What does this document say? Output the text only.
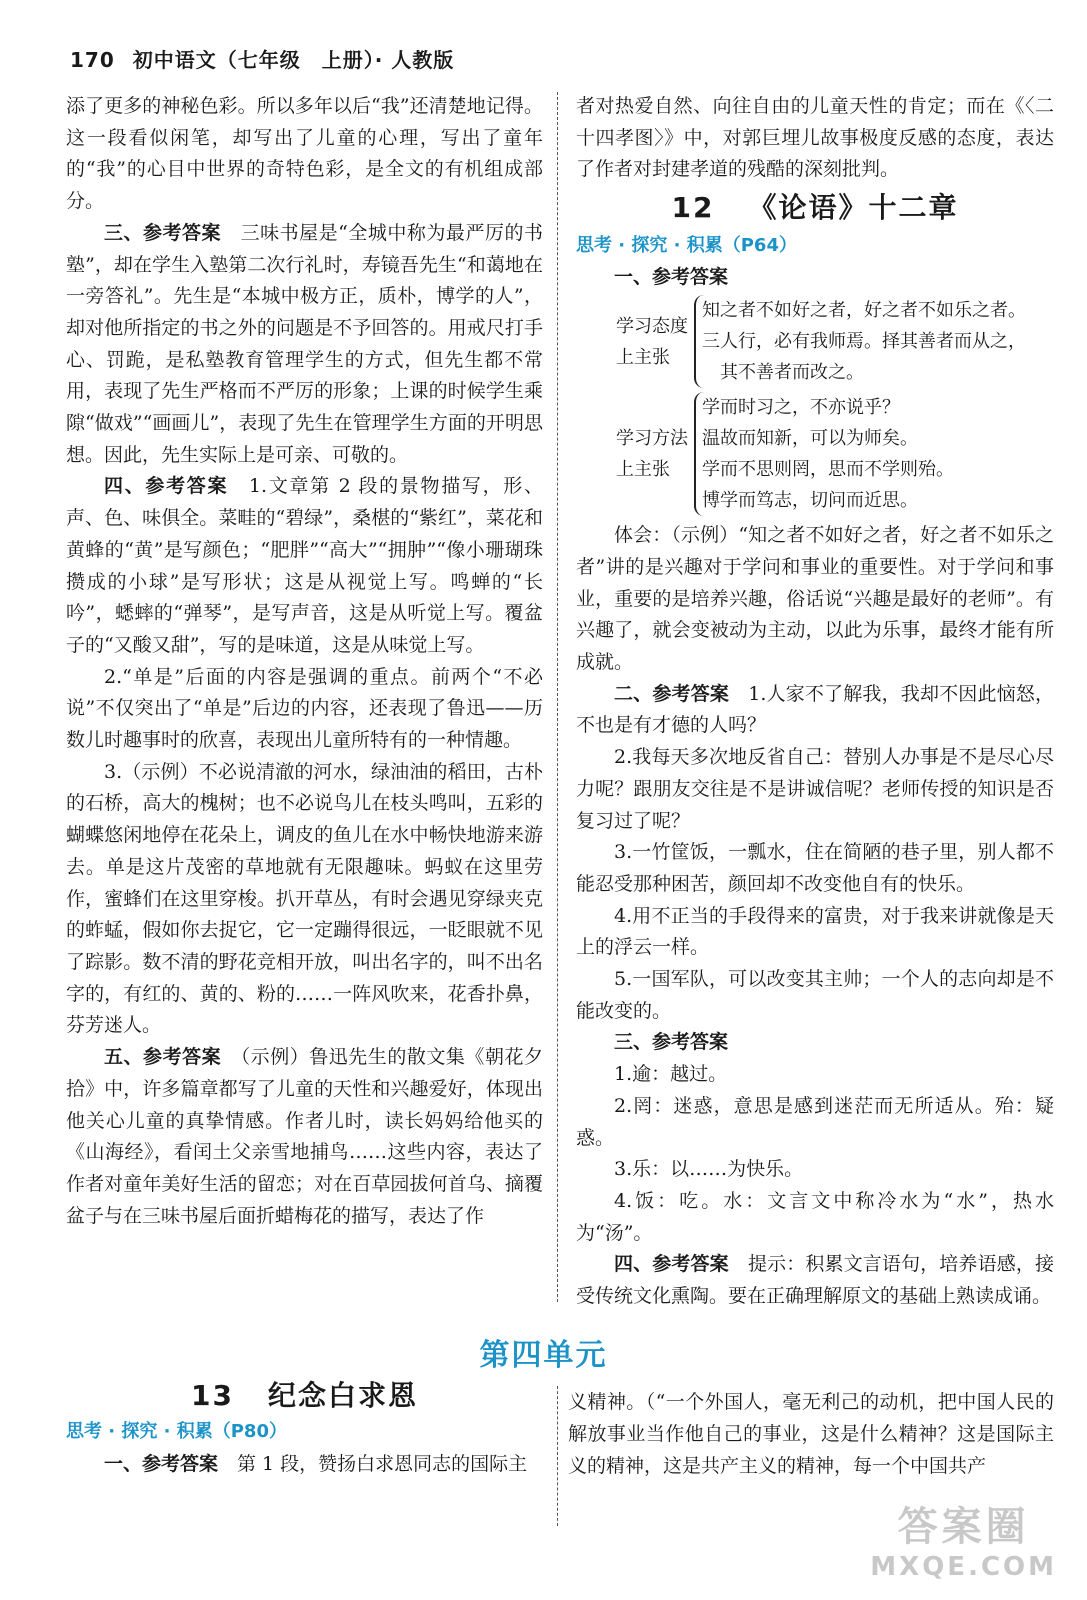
170 初中语文（七年级　上册）· 人教版

添了更多的神秘色彩。所以多年以后“我”还清楚地记得。这一段看似闲笔，却写出了儿童的心理，写出了童年的“我”的心目中世界的奇特色彩，是全文的有机组成部分。

三、参考答案　三味书屋是“全城中称为最严厉的书塾”，却在学生入塾第二次行礼时，寿镜吾先生“和蔼地在一旁答礼”。先生是“本城中极方正，质朴，博学的人”，却对他所指定的书之外的问题是不予回答的。用戒尺打手心、罚跪，是私塾教育管理学生的方式，但先生都不常用，表现了先生严格而不严厉的形象；上课的时候学生乘隙“做戏”“画画儿”，表现了先生在管理学生方面的开明思想。因此，先生实际上是可亲、可敬的。

四、参考答案　1.文章第 2 段的景物描写，形、声、色、味俱全。菜畦的“碧绿”，桑椹的“紫红”，菜花和黄蜂的“黄”是写颜色；“肥胖”“高大”“拥肿”“像小珊瑚珠攒成的小球”是写形状；这是从视觉上写。鸣蝉的“长吟”，蟋蟀的“弹琴”，是写声音，这是从听觉上写。覆盆子的“又酸又甜”，写的是味道，这是从味觉上写。

2.“单是”后面的内容是强调的重点。前两个“不必说”不仅突出了“单是”后边的内容，还表现了鲁迅——历数儿时趣事时的欣喜，表现出儿童所特有的一种情趣。

3.（示例）不必说清澈的河水，绿油油的稻田，古朴的石桥，高大的槐树；也不必说鸟儿在枝头鸣叫，五彩的蝴蝶悠闲地停在花朵上，调皮的鱼儿在水中畅快地游来游去。单是这片茂密的草地就有无限趣味。蚂蚁在这里劳作，蜜蜂们在这里穿梭。扒开草丛，有时会遇见穿绿夹克的蚱蜢，假如你去捉它，它一定蹦得很远，一眨眼就不见了踪影。数不清的野花竞相开放，叫出名字的，叫不出名字的，有红的、黄的、粉的……一阵风吹来，花香扑鼻，芬芳迷人。

五、参考答案　（示例）鲁迅先生的散文集《朝花夕拾》中，许多篇章都写了儿童的天性和兴趣爱好，体现出他关心儿童的真挚情感。作者儿时，读长妈妈给他买的《山海经》，看闰土父亲雪地捕鸟……这些内容，表达了作者对童年美好生活的留恋；对在百草园拔何首乌、摘覆盆子与在三味书屋后面折蜡梅花的描写，表达了作

者对热爱自然、向往自由的儿童天性的肯定；而在《〈二十四孝图〉》中，对郭巨埋儿故事极度反感的态度，表达了作者对封建孝道的残酷的深刻批判。

12 《论语》十二章
思考 · 探究 · 积累（P64）

一、参考答案

学习态度
上主张
知之者不如好之者，好之者不如乐之者。
三人行，必有我师焉。择其善者而从之，
其不善者而改之。
学习方法
上主张
学而时习之，不亦说乎？
温故而知新，可以为师矣。
学而不思则罔，思而不学则殆。
博学而笃志，切问而近思。

体会：（示例）“知之者不如好之者，好之者不如乐之者”讲的是兴趣对于学问和事业的重要性。对于学问和事业，重要的是培养兴趣，俗话说“兴趣是最好的老师”。有兴趣了，就会变被动为主动，以此为乐事，最终才能有所成就。

二、参考答案　1.人家不了解我，我却不因此恼怒，不也是有才德的人吗？

2.我每天多次地反省自己：替别人办事是不是尽心尽力呢？跟朋友交往是不是讲诚信呢？老师传授的知识是否复习过了呢？

3.一竹筐饭，一瓢水，住在简陋的巷子里，别人都不能忍受那种困苦，颜回却不改变他自有的快乐。

4.用不正当的手段得来的富贵，对于我来讲就像是天上的浮云一样。

5.一国军队，可以改变其主帅；一个人的志向却是不能改变的。

三、参考答案

1.逾：越过。

2.罔：迷惑，意思是感到迷茫而无所适从。殆：疑惑。

3.乐：以……为快乐。

4.饭：吃。水：文言文中称冷水为“水”，热水为“汤”。

四、参考答案　提示：积累文言语句，培养语感，接受传统文化熏陶。要在正确理解原文的基础上熟读成诵。

第四单元
13 纪念白求恩
思考 · 探究 · 积累（P80）

一、参考答案　第 1 段，赞扬白求恩同志的国际主

义精神。（“一个外国人，毫无利己的动机，把中国人民的解放事业当作他自己的事业，这是什么精神？这是国际主义的精神，这是共产主义的精神，每一个中国共产

答案圈
MXQE.COM
